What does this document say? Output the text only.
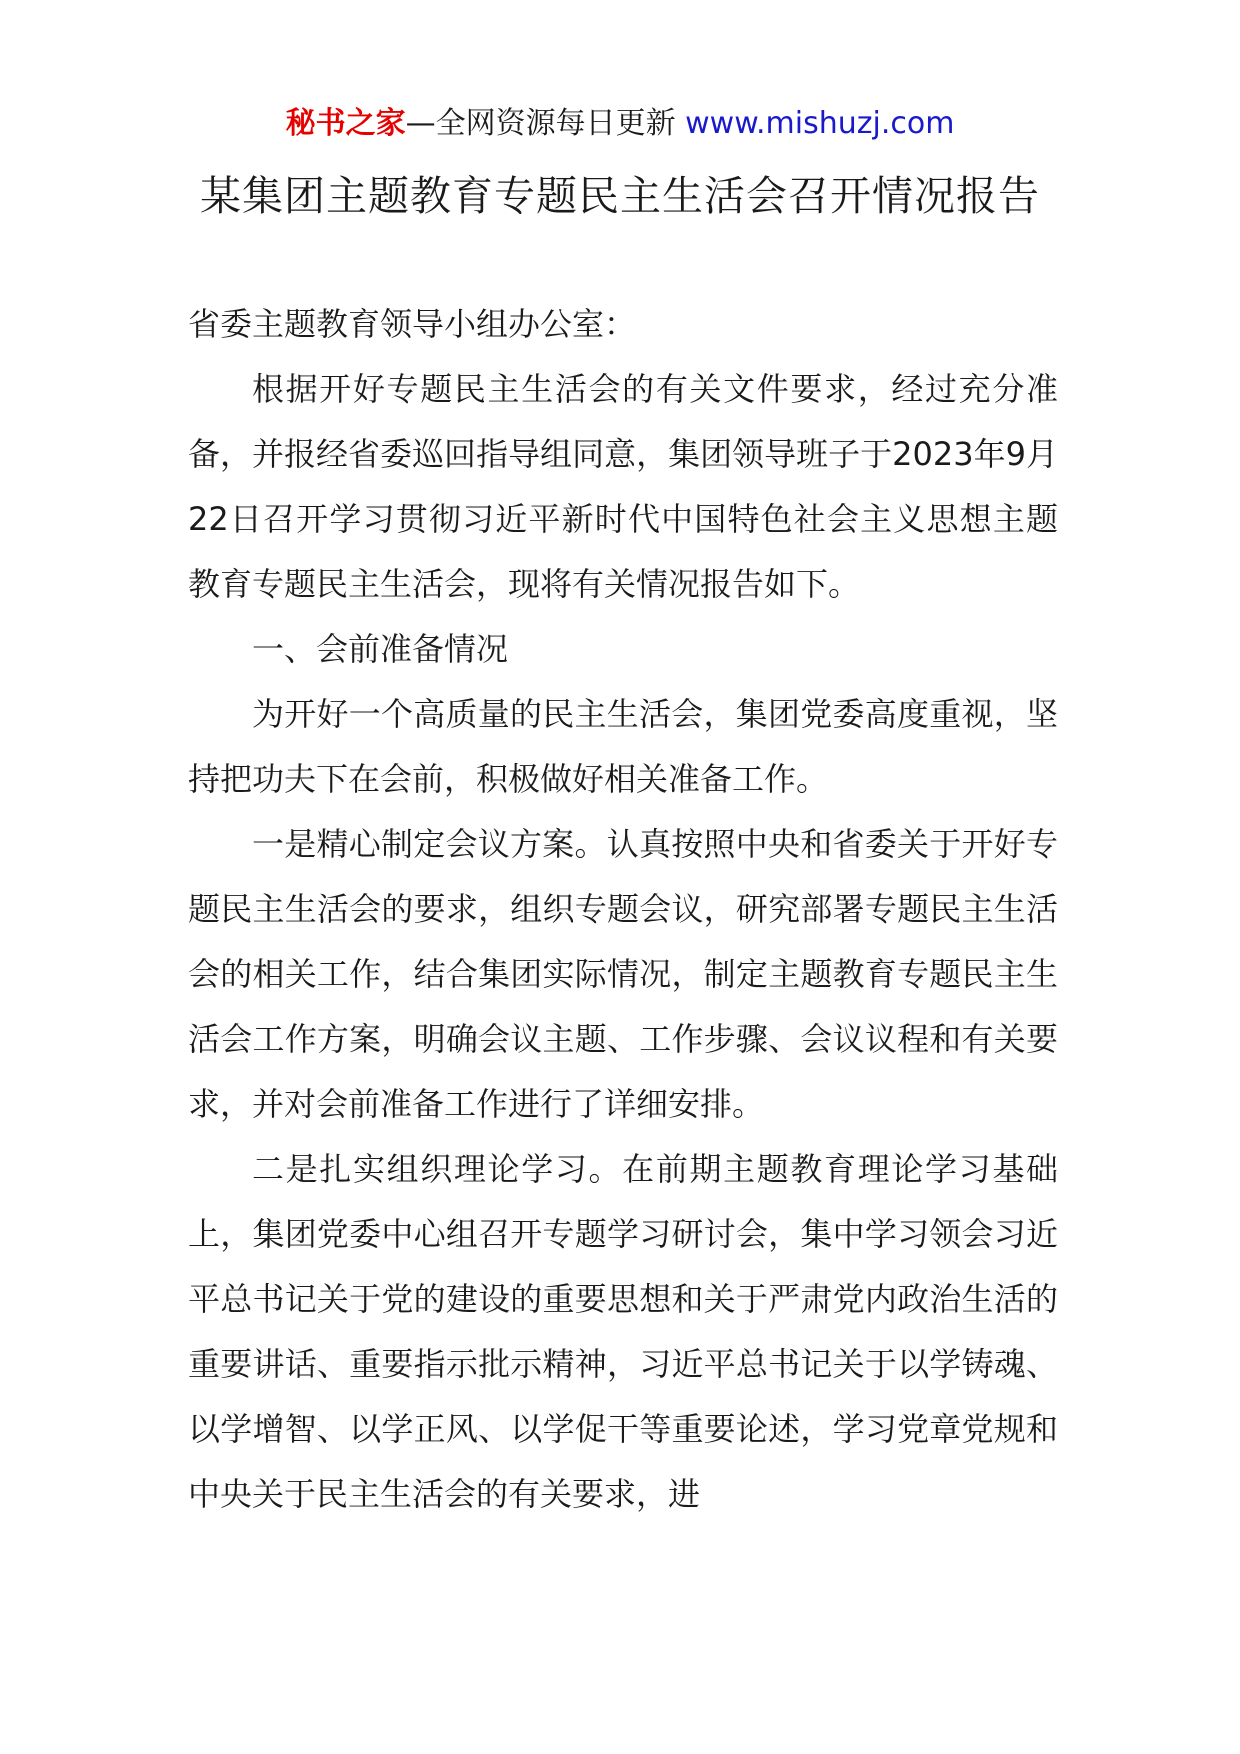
秘书之家—全网资源每日更新 www.mishuzj.com
某集团主题教育专题民主生活会召开情况报告

省委主题教育领导小组办公室：

根据开好专题民主生活会的有关文件要求，经过充分准备，并报经省委巡回指导组同意，集团领导班子于2023年9月22日召开学习贯彻习近平新时代中国特色社会主义思想主题教育专题民主生活会，现将有关情况报告如下。

一、会前准备情况

为开好一个高质量的民主生活会，集团党委高度重视，坚持把功夫下在会前，积极做好相关准备工作。

一是精心制定会议方案。认真按照中央和省委关于开好专题民主生活会的要求，组织专题会议，研究部署专题民主生活会的相关工作，结合集团实际情况，制定主题教育专题民主生活会工作方案，明确会议主题、工作步骤、会议议程和有关要求，并对会前准备工作进行了详细安排。

二是扎实组织理论学习。在前期主题教育理论学习基础上，集团党委中心组召开专题学习研讨会，集中学习领会习近平总书记关于党的建设的重要思想和关于严肃党内政治生活的重要讲话、重要指示批示精神，习近平总书记关于以学铸魂、以学增智、以学正风、以学促干等重要论述，学习党章党规和中央关于民主生活会的有关要求，进
